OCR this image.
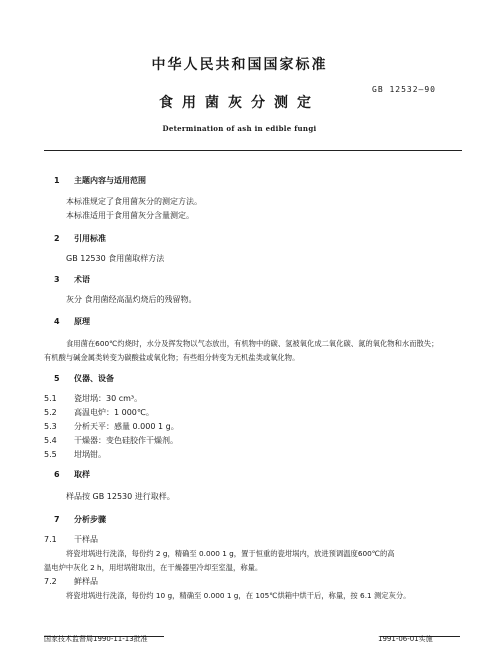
中华人民共和国国家标准
GB 12532—90
食用菌灰分测定
Determination of ash in edible fungi
1 主题内容与适用范围
本标准规定了食用菌灰分的测定方法。
本标准适用于食用菌灰分含量测定。
2 引用标准
GB 12530 食用菌取样方法
3 术语
灰分 食用菌经高温灼烧后的残留物。
4 原理
食用菌在600℃灼烧时，水分及挥发物以气态放出，有机物中的碳、氢被氧化成二氧化碳、氮的氧化物和水而散失；
有机酸与碱金属类转变为碳酸盐或氧化物；有些组分转变为无机盐类或氧化物。
5 仪器、设备
5.1 瓷坩埚：30 cm³。
5.2 高温电炉：1 000℃。
5.3 分析天平：感量 0.000 1 g。
5.4 干燥器：变色硅胶作干燥剂。
5.5 坩埚钳。
6 取样
样品按 GB 12530 进行取样。
7 分析步骤
7.1 干样品
将瓷坩埚进行洗涤，每份约 2 g，精确至 0.000 1 g，置于恒重的瓷坩埚内，放进预调温度600℃的高
温电炉中灰化 2 h，用坩埚钳取出，在干燥器里冷却至室温，称量。
7.2 鲜样品
将瓷坩埚进行洗涤，每份约 10 g，精确至 0.000 1 g，在 105℃烘箱中烘干后，称量，按 6.1 测定灰分。
国家技术监督局1990-11-13批准	1991-06-01实施
